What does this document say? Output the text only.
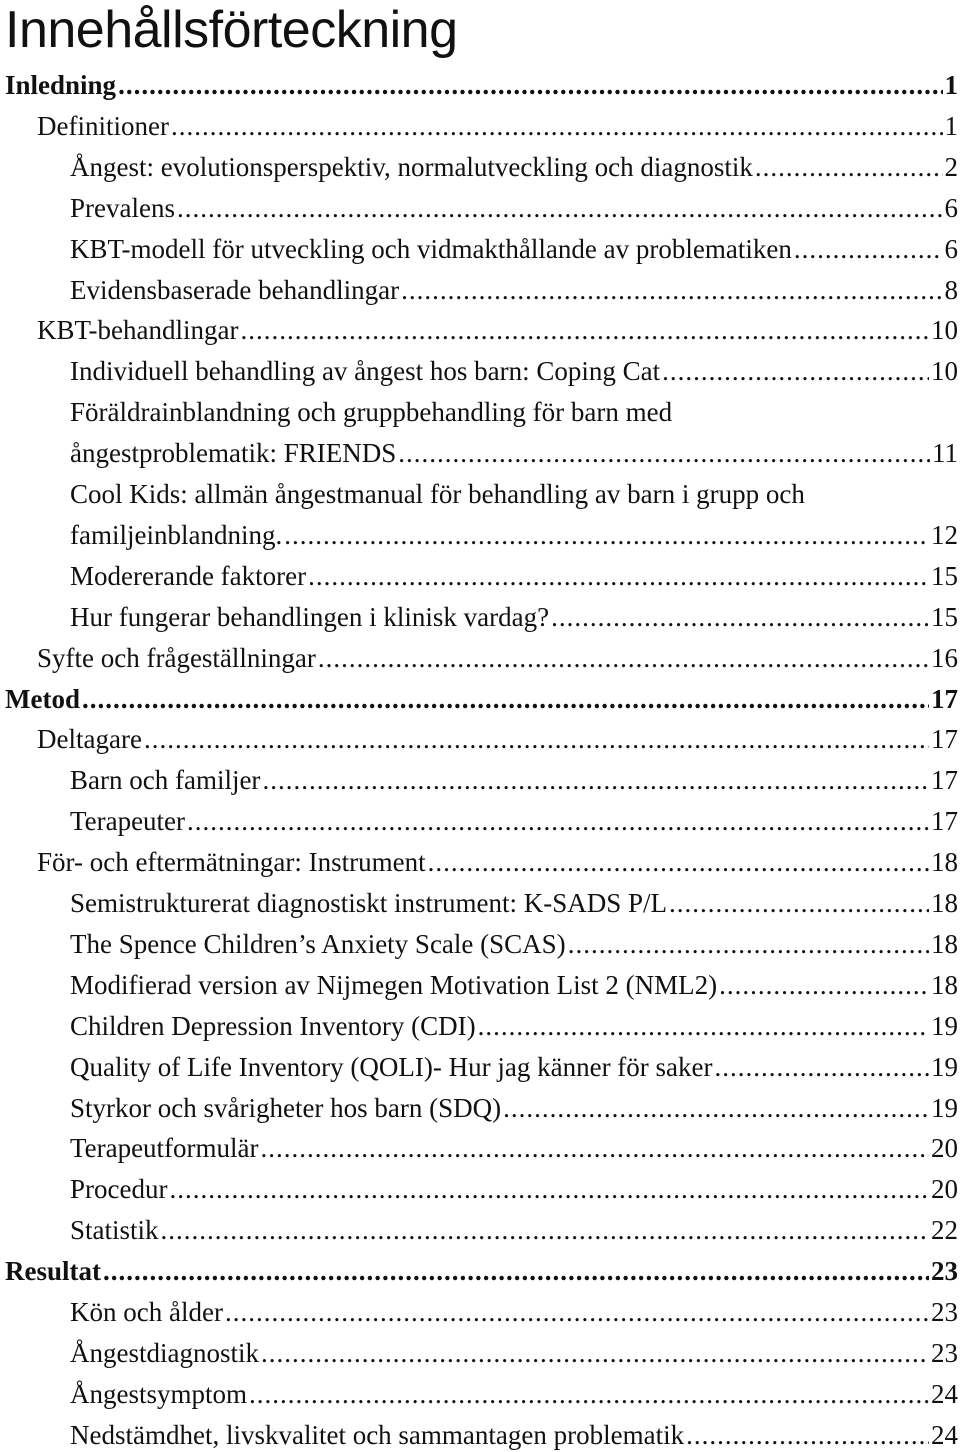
Innehållsförteckning
Inledning .....	1
Definitioner .....	1
Ångest: evolutionsperspektiv, normalutveckling och diagnostik .....	2
Prevalens .....	6
KBT-modell för utveckling och vidmakthållande av problematiken .....	6
Evidensbaserade behandlingar .....	8
KBT-behandlingar .....	10
Individuell behandling av ångest hos barn: Coping Cat .....	10
Föräldrainblandning och gruppbehandling för barn med
ångestproblematik: FRIENDS .....	11
Cool Kids: allmän ångestmanual för behandling av barn i grupp och
familjeinblandning. .....	12
Modererande faktorer .....	15
Hur fungerar behandlingen i klinisk vardag? .....	15
Syfte och frågeställningar .....	16
Metod .....	17
Deltagare .....	17
Barn och familjer .....	17
Terapeuter .....	17
För- och eftermätningar: Instrument .....	18
Semistrukturerat diagnostiskt instrument: K-SADS P/L .....	18
The Spence Children’s Anxiety Scale (SCAS) .....	18
Modifierad version av Nijmegen Motivation List 2 (NML2) .....	18
Children Depression Inventory (CDI) .....	19
Quality of Life Inventory (QOLI)- Hur jag känner för saker .....	19
Styrkor och svårigheter hos barn (SDQ) .....	19
Terapeutformulär .....	20
Procedur .....	20
Statistik .....	22
Resultat .....	23
Kön och ålder .....	23
Ångestdiagnostik .....	23
Ångestsymptom .....	24
Nedstämdhet, livskvalitet och sammantagen problematik .....	24
